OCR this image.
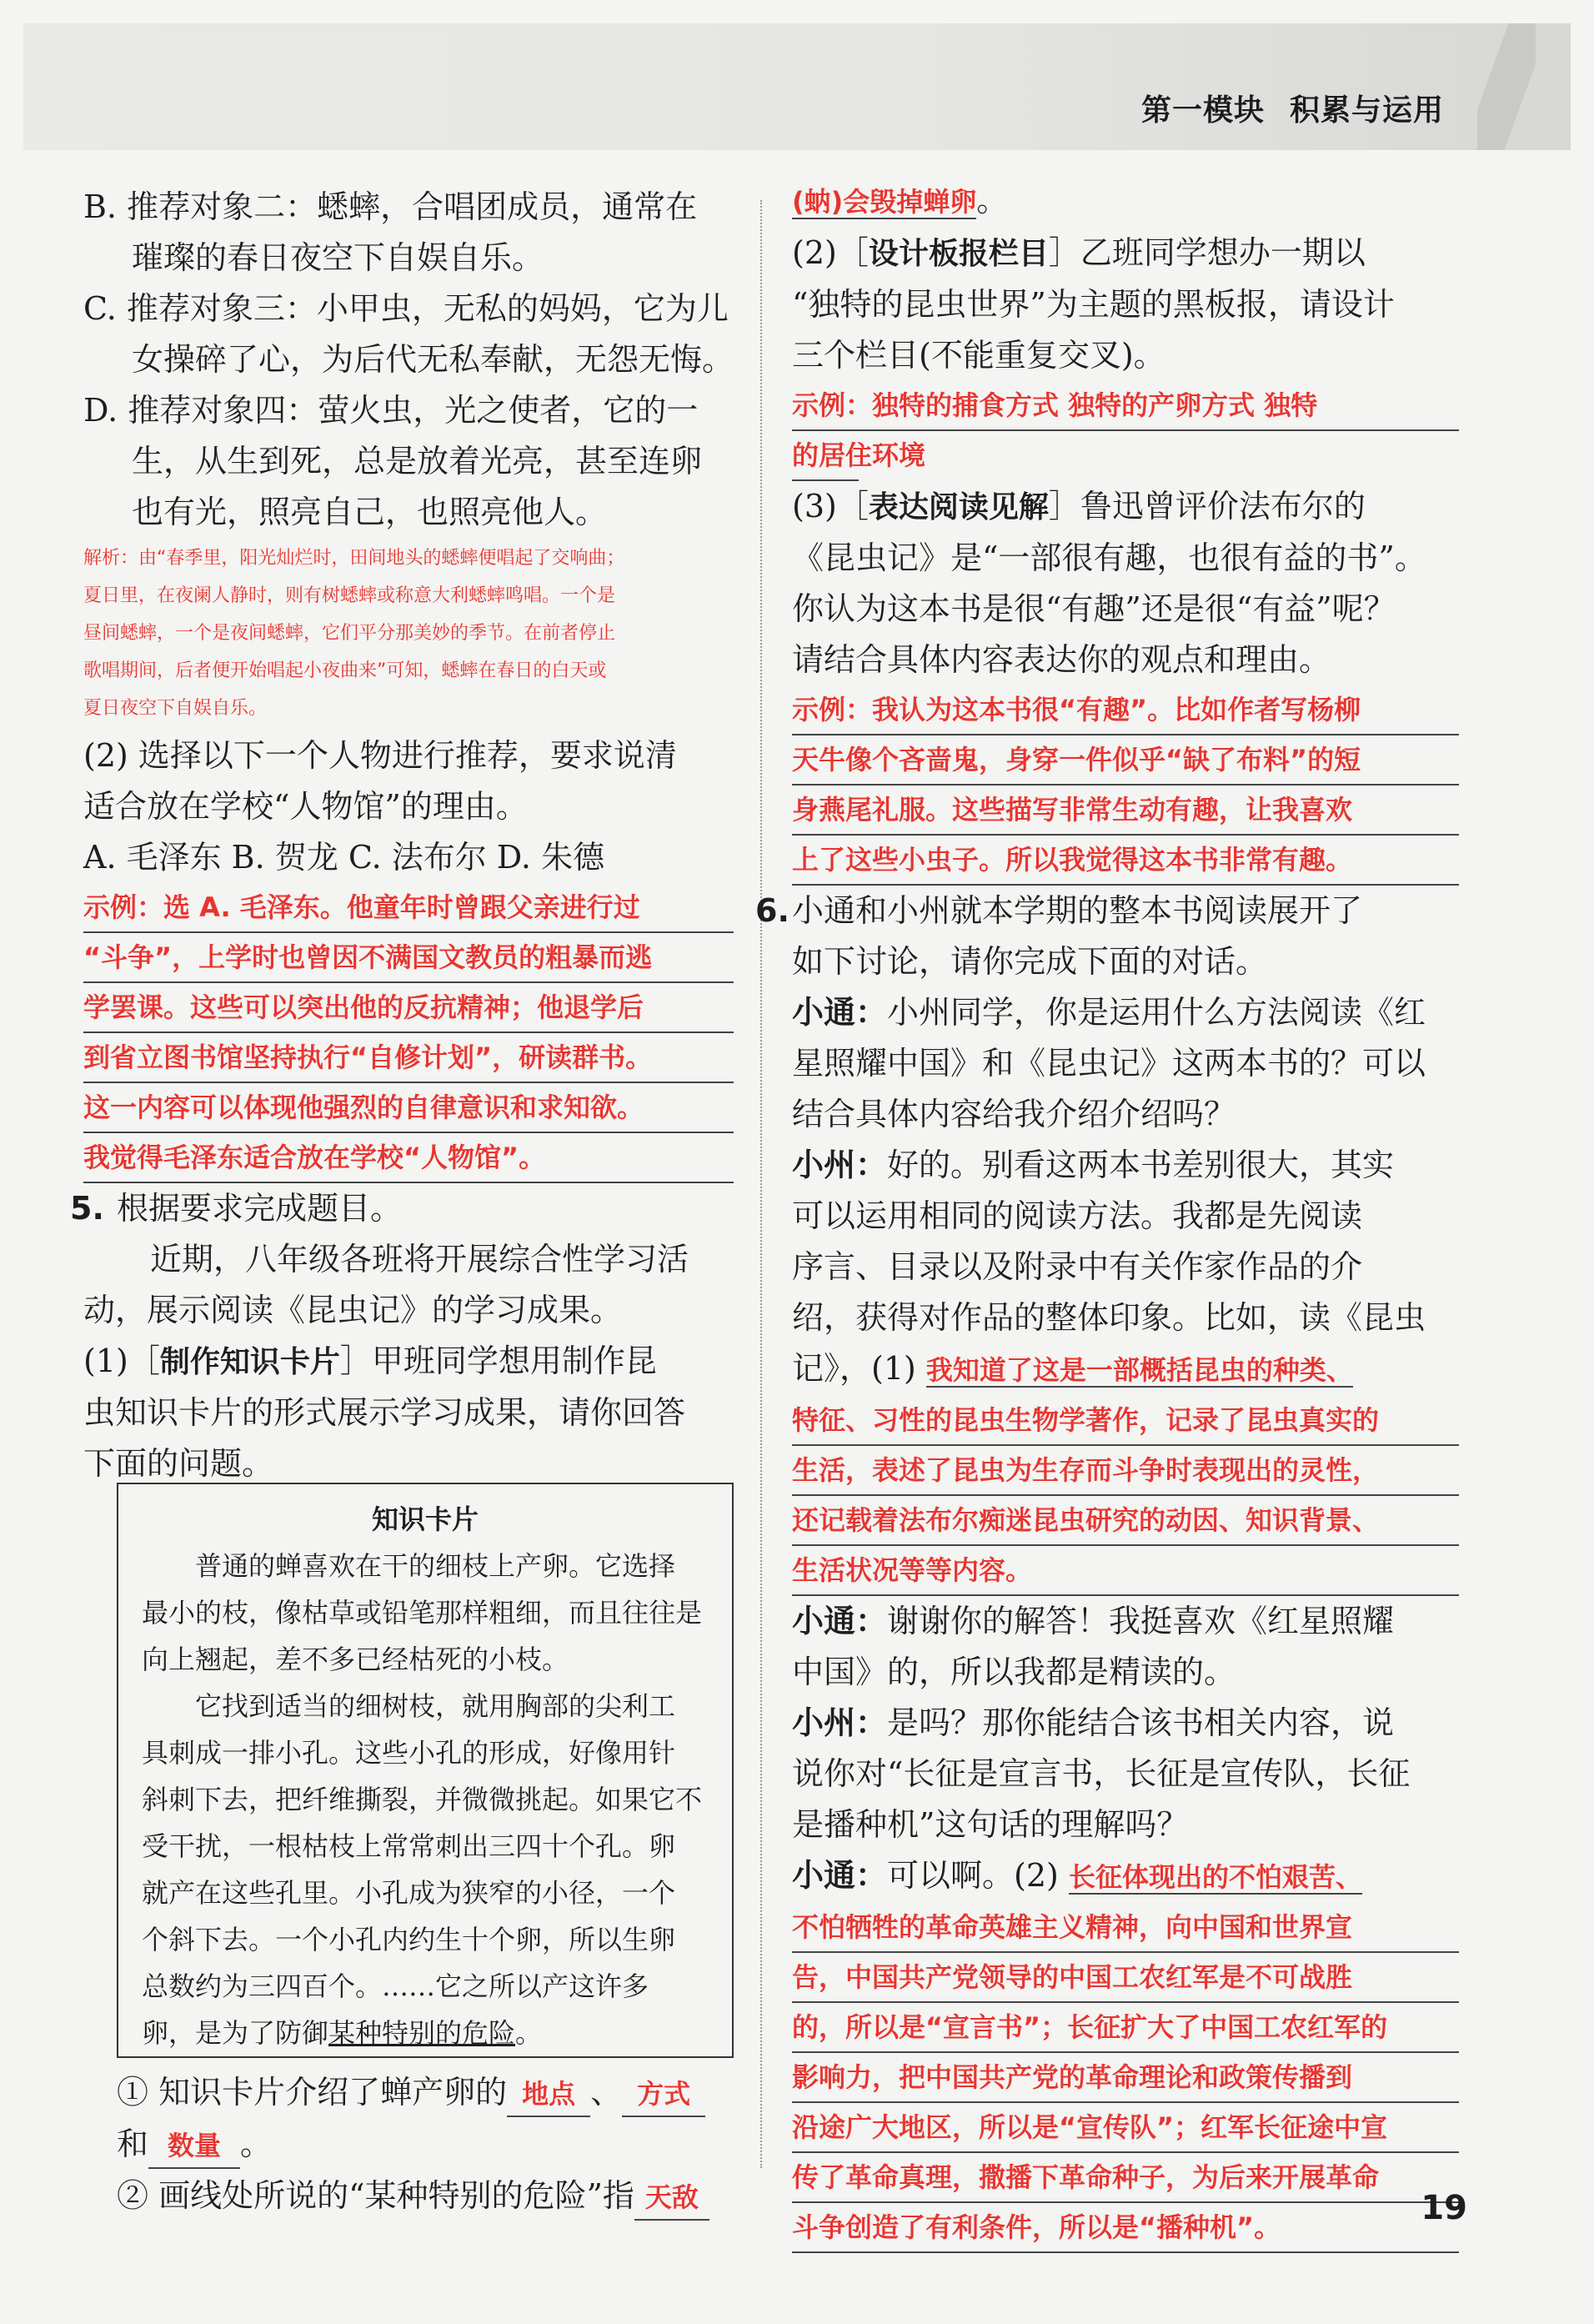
第一模块 积累与运用
B. 推荐对象二：蟋蟀，合唱团成员，通常在
璀璨的春日夜空下自娱自乐。
C. 推荐对象三：小甲虫，无私的妈妈，它为儿
女操碎了心，为后代无私奉献，无怨无悔。
D. 推荐对象四：萤火虫，光之使者，它的一
生，从生到死，总是放着光亮，甚至连卵
也有光，照亮自己，也照亮他人。
解析：由“春季里，阳光灿烂时，田间地头的蟋蟀便唱起了交响曲；
夏日里，在夜阑人静时，则有树蟋蟀或称意大利蟋蟀鸣唱。一个是
昼间蟋蟀，一个是夜间蟋蟀，它们平分那美妙的季节。在前者停止
歌唱期间，后者便开始唱起小夜曲来”可知，蟋蟀在春日的白天或
夏日夜空下自娱自乐。
(2) 选择以下一个人物进行推荐，要求说清
适合放在学校“人物馆”的理由。
A. 毛泽东 B. 贺龙 C. 法布尔 D. 朱德
示例：选 A. 毛泽东。他童年时曾跟父亲进行过
“斗争”，上学时也曾因不满国文教员的粗暴而逃
学罢课。这些可以突出他的反抗精神；他退学后
到省立图书馆坚持执行“自修计划”，研读群书。
这一内容可以体现他强烈的自律意识和求知欲。
我觉得毛泽东适合放在学校“人物馆”。
5. 根据要求完成题目。
近期，八年级各班将开展综合性学习活
动，展示阅读《昆虫记》的学习成果。
(1)［制作知识卡片］甲班同学想用制作昆
虫知识卡片的形式展示学习成果，请你回答
下面的问题。
知识卡片
普通的蝉喜欢在干的细枝上产卵。它选择
最小的枝，像枯草或铅笔那样粗细，而且往往是
向上翘起，差不多已经枯死的小枝。
它找到适当的细树枝，就用胸部的尖利工
具刺成一排小孔。这些小孔的形成，好像用针
斜刺下去，把纤维撕裂，并微微挑起。如果它不
受干扰，一根枯枝上常常刺出三四十个孔。卵
就产在这些孔里。小孔成为狭窄的小径，一个
个斜下去。一个小孔内约生十个卵，所以生卵
总数约为三四百个。……它之所以产这许多
卵，是为了防御某种特别的危险。
① 知识卡片介绍了蝉产卵的 地点 、 方式
和 数量 。
② 画线处所说的“某种特别的危险”指 天敌
(蚋)会毁掉蝉卵。
(2)［设计板报栏目］乙班同学想办一期以
“独特的昆虫世界”为主题的黑板报，请设计
三个栏目(不能重复交叉)。
示例：独特的捕食方式 独特的产卵方式 独特
的居住环境
(3)［表达阅读见解］鲁迅曾评价法布尔的
《昆虫记》是“一部很有趣，也很有益的书”。
你认为这本书是很“有趣”还是很“有益”呢？
请结合具体内容表达你的观点和理由。
示例：我认为这本书很“有趣”。比如作者写杨柳
天牛像个吝啬鬼，身穿一件似乎“缺了布料”的短
身燕尾礼服。这些描写非常生动有趣，让我喜欢
上了这些小虫子。所以我觉得这本书非常有趣。
6. 小通和小州就本学期的整本书阅读展开了
如下讨论，请你完成下面的对话。
小通：小州同学，你是运用什么方法阅读《红
星照耀中国》和《昆虫记》这两本书的？可以
结合具体内容给我介绍介绍吗？
小州：好的。别看这两本书差别很大，其实
可以运用相同的阅读方法。我都是先阅读
序言、目录以及附录中有关作家作品的介
绍，获得对作品的整体印象。比如，读《昆虫
记》，(1) 我知道了这是一部概括昆虫的种类、
特征、习性的昆虫生物学著作，记录了昆虫真实的
生活，表述了昆虫为生存而斗争时表现出的灵性，
还记载着法布尔痴迷昆虫研究的动因、知识背景、
生活状况等等内容。
小通：谢谢你的解答！我挺喜欢《红星照耀
中国》的，所以我都是精读的。
小州：是吗？那你能结合该书相关内容，说
说你对“长征是宣言书，长征是宣传队，长征
是播种机”这句话的理解吗？
小通：可以啊。(2) 长征体现出的不怕艰苦、
不怕牺牲的革命英雄主义精神，向中国和世界宣
告，中国共产党领导的中国工农红军是不可战胜
的，所以是“宣言书”；长征扩大了中国工农红军的
影响力，把中国共产党的革命理论和政策传播到
沿途广大地区，所以是“宣传队”；红军长征途中宣
传了革命真理，撒播下革命种子，为后来开展革命
斗争创造了有利条件，所以是“播种机”。	19
